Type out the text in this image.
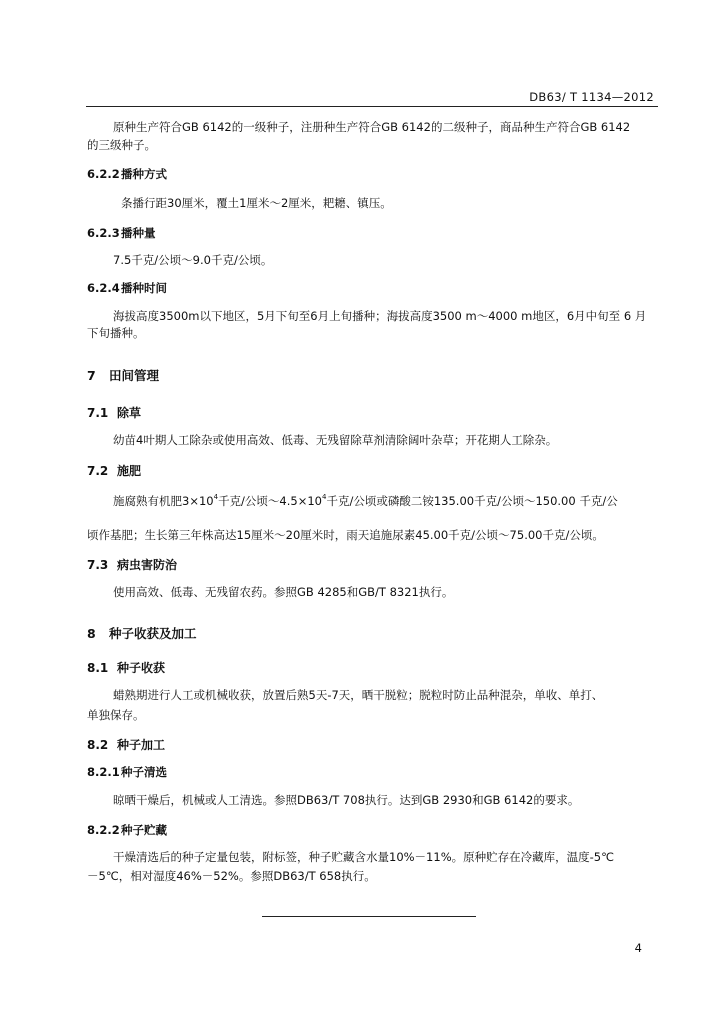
DB63/ T 1134—2012
原种生产符合GB 6142的一级种子，注册种生产符合GB 6142的二级种子，商品种生产符合GB 6142
的三级种子。
6.2.2播种方式
条播行距30厘米，覆土1厘米～2厘米，耙耱、镇压。
6.2.3播种量
7.5千克/公顷～9.0千克/公顷。
6.2.4播种时间
海拔高度3500m以下地区，5月下旬至6月上旬播种；海拔高度3500 m～4000 m地区，6月中旬至 6 月
下旬播种。
7 田间管理
7.1 除草
幼苗4叶期人工除杂或使用高效、低毒、无残留除草剂清除阔叶杂草；开花期人工除杂。
7.2 施肥
施腐熟有机肥$3\times 10^4$千克/公顷$\sim 4.5\times 10^4$千克/公顷或磷酸二铵135.00千克/公顷～150.00 千克/公
顷作基肥；生长第三年株高达15厘米～20厘米时，雨天追施尿素45.00千克/公顷～75.00千克/公顷。
7.3 病虫害防治
使用高效、低毒、无残留农药。参照GB 4285和GB/T 8321执行。
8 种子收获及加工
8.1 种子收获
蜡熟期进行人工或机械收获，放置后熟5天-7天，晒干脱粒；脱粒时防止品种混杂，单收、单打、
单独保存。
8.2 种子加工
8.2.1种子清选
晾晒干燥后，机械或人工清选。参照DB63/T 708执行。达到GB 2930和GB 6142的要求。
8.2.2种子贮藏
干燥清选后的种子定量包装，附标签，种子贮藏含水量10%－11%。原种贮存在冷藏库，温度-5℃
－5℃，相对湿度46%－52%。参照DB63/T 658执行。
4
